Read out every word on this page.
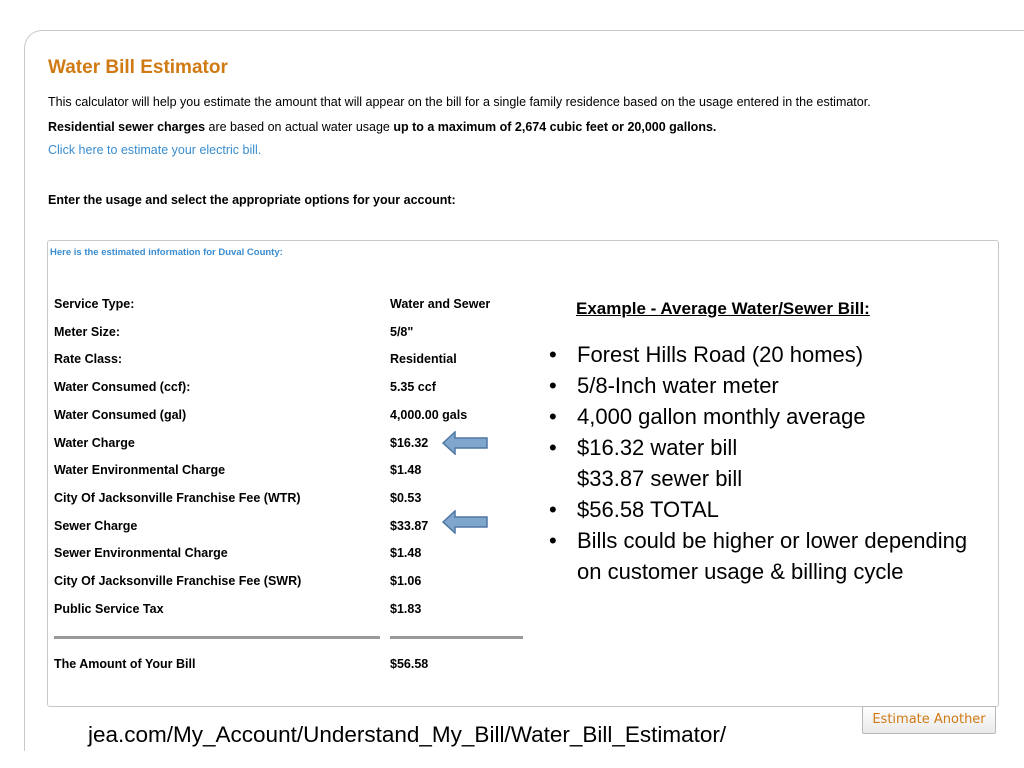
Water Bill Estimator
This calculator will help you estimate the amount that will appear on the bill for a single family residence based on the usage entered in the estimator.
Residential sewer charges are based on actual water usage up to a maximum of 2,674 cubic feet or 20,000 gallons.
Click here to estimate your electric bill.
Enter the usage and select the appropriate options for your account:
Here is the estimated information for Duval County:
Service Type:	Water and Sewer
Meter Size:	5/8"
Rate Class:	Residential
Water Consumed (ccf):	5.35 ccf
Water Consumed (gal)	4,000.00 gals
Water Charge	$16.32
Water Environmental Charge	$1.48
City Of Jacksonville Franchise Fee (WTR)	$0.53
Sewer Charge	$33.87
Sewer Environmental Charge	$1.48
City Of Jacksonville Franchise Fee (SWR)	$1.06
Public Service Tax	$1.83
The Amount of Your Bill	$56.58
Example - Average Water/Sewer Bill:
• Forest Hills Road (20 homes)
• 5/8-Inch water meter
• 4,000 gallon monthly average
• $16.32 water bill
$33.87 sewer bill
• $56.58 TOTAL
• Bills could be higher or lower depending on customer usage & billing cycle
Estimate Another
jea.com/My_Account/Understand_My_Bill/Water_Bill_Estimator/
